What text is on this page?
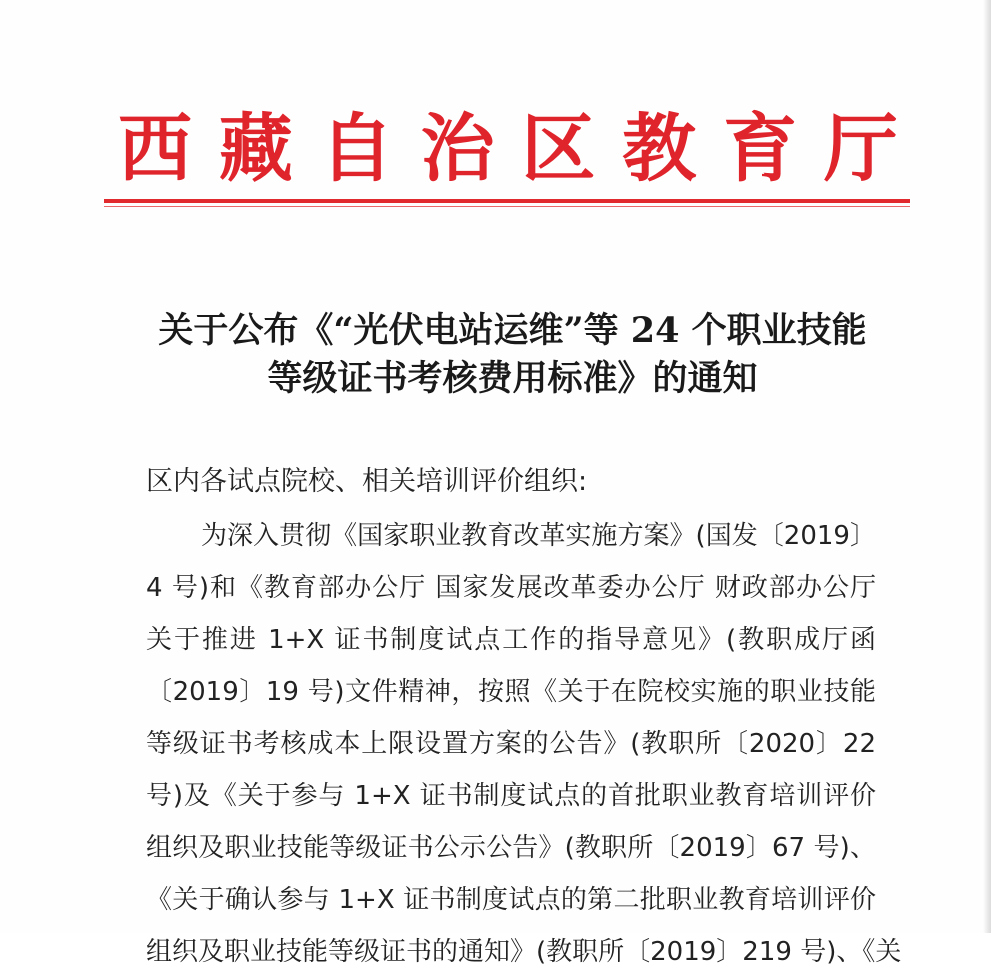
西 藏 自 治 区 教 育 厅
关于公布《“光伏电站运维”等 24 个职业技能
等级证书考核费用标准》的通知

区内各试点院校、相关培训评价组织:

为深入贯彻《国家职业教育改革实施方案》(国发〔2019〕
4 号)和《教育部办公厅 国家发展改革委办公厅 财政部办公厅
关于推进 1+X 证书制度试点工作的指导意见》(教职成厅函
〔2019〕19 号)文件精神，按照《关于在院校实施的职业技能
等级证书考核成本上限设置方案的公告》(教职所〔2020〕22
号)及《关于参与 1+X 证书制度试点的首批职业教育培训评价
组织及职业技能等级证书公示公告》(教职所〔2019〕67 号)、
《关于确认参与 1+X 证书制度试点的第二批职业教育培训评价
组织及职业技能等级证书的通知》(教职所〔2019〕219 号)、《关
